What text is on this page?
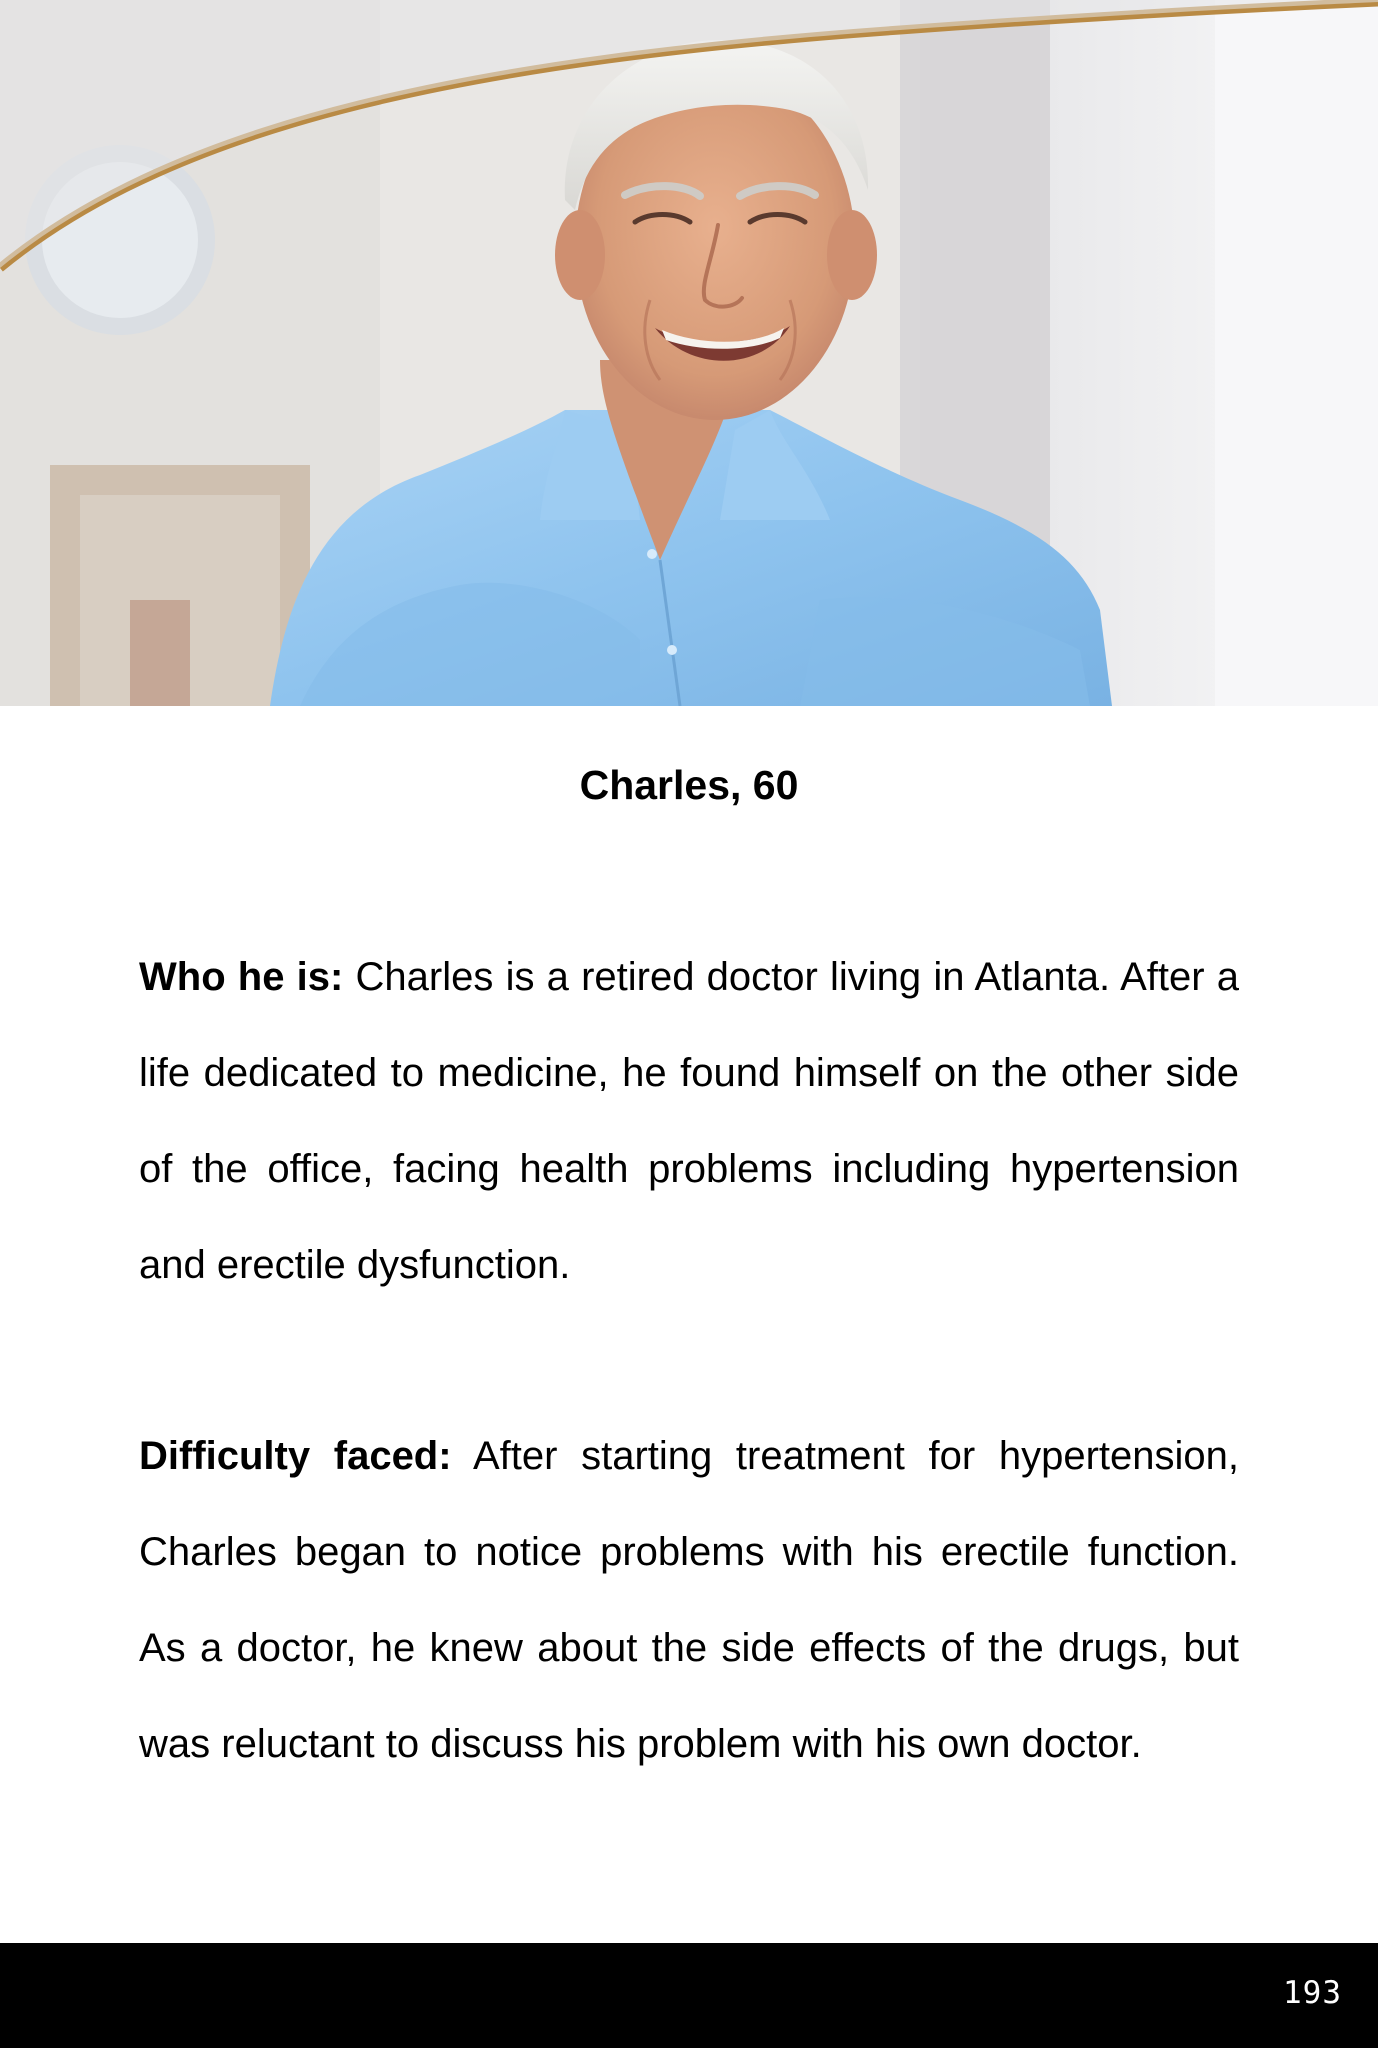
Charles, 60

Who he is: Charles is a retired doctor living in Atlanta. After a life dedicated to medicine, he found himself on the other side of the office, facing health problems including hypertension and erectile dysfunction.

Difficulty faced: After starting treatment for hypertension, Charles began to notice problems with his erectile function. As a doctor, he knew about the side effects of the drugs, but was reluctant to discuss his problem with his own doctor.

193
